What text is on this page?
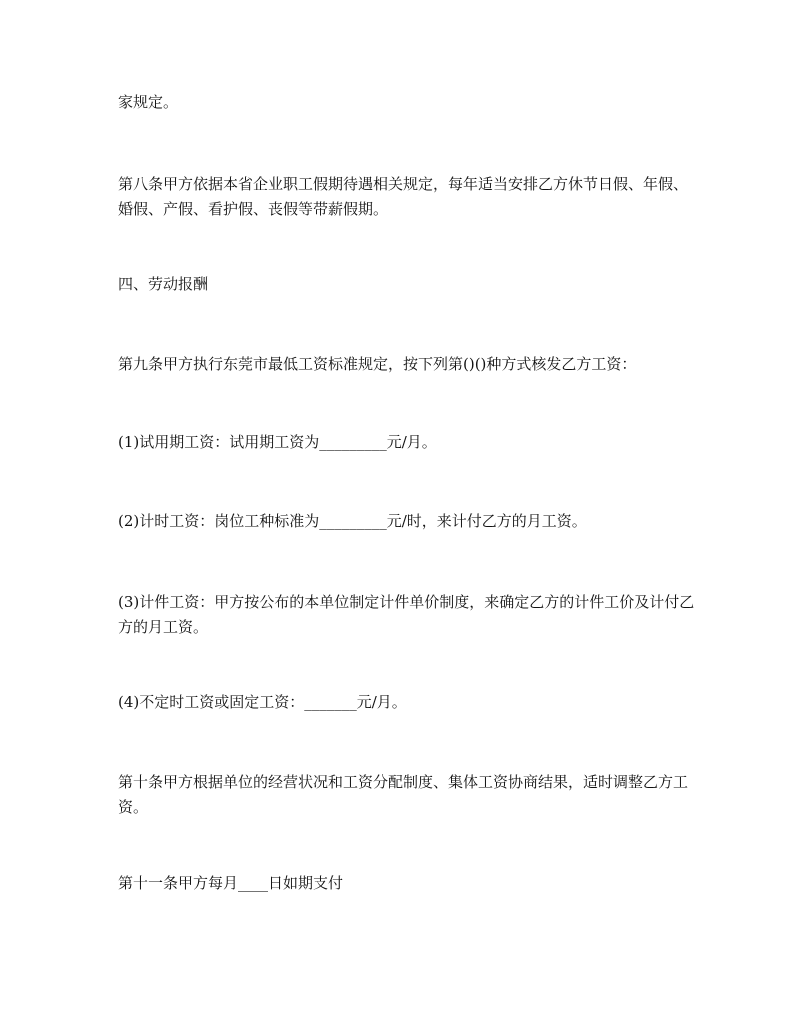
家规定。

第八条甲方依据本省企业职工假期待遇相关规定，每年适当安排乙方休节日假、年假、婚假、产假、看护假、丧假等带薪假期。

四、劳动报酬

第九条甲方执行东莞市最低工资标准规定，按下列第()()种方式核发乙方工资：

(1)试用期工资：试用期工资为_________元/月。

(2)计时工资：岗位工种标准为_________元/时，来计付乙方的月工资。

(3)计件工资：甲方按公布的本单位制定计件单价制度，来确定乙方的计件工价及计付乙方的月工资。

(4)不定时工资或固定工资：_______元/月。

第十条甲方根据单位的经营状况和工资分配制度、集体工资协商结果，适时调整乙方工资。

第十一条甲方每月____日如期支付
